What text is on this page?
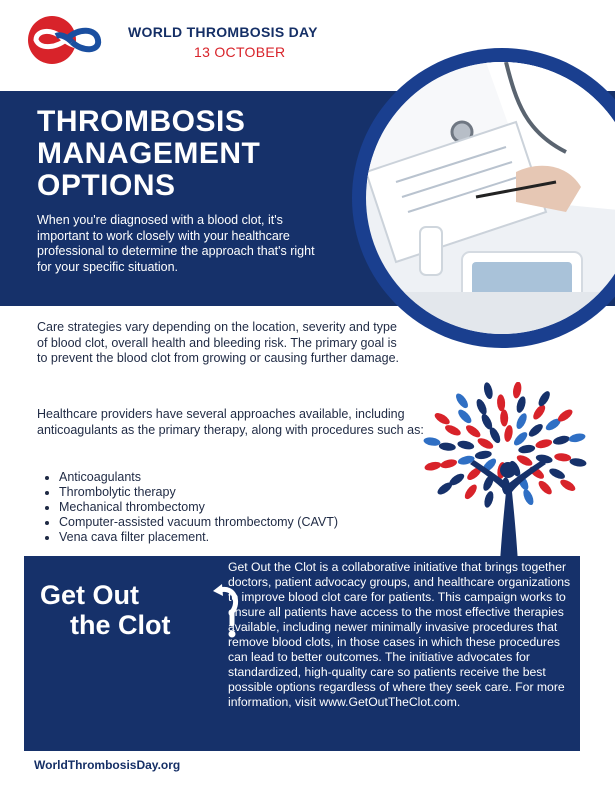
WORLD THROMBOSIS DAY
13 OCTOBER
THROMBOSIS
MANAGEMENT
OPTIONS

When you're diagnosed with a blood clot, it's important to work closely with your healthcare professional to determine the approach that's right for your specific situation.

Care strategies vary depending on the location, severity and type of blood clot, overall health and bleeding risk. The primary goal is to prevent the blood clot from growing or causing further damage.

Healthcare providers have several approaches available, including anticoagulants as the primary therapy, along with procedures such as:

• Anticoagulants
• Thrombolytic therapy
• Mechanical thrombectomy
• Computer-assisted vacuum thrombectomy (CAVT)
• Vena cava filter placement.
Get Out
the Clot

Get Out the Clot is a collaborative initiative that brings together doctors, patient advocacy groups, and healthcare organizations to improve blood clot care for patients. This campaign works to ensure all patients have access to the most effective therapies available, including newer minimally invasive procedures that remove blood clots, in those cases in which these procedures can lead to better outcomes. The initiative advocates for standardized, high-quality care so patients receive the best possible options regardless of where they seek care. For more information, visit www.GetOutTheClot.com.

WorldThrombosisDay.org
